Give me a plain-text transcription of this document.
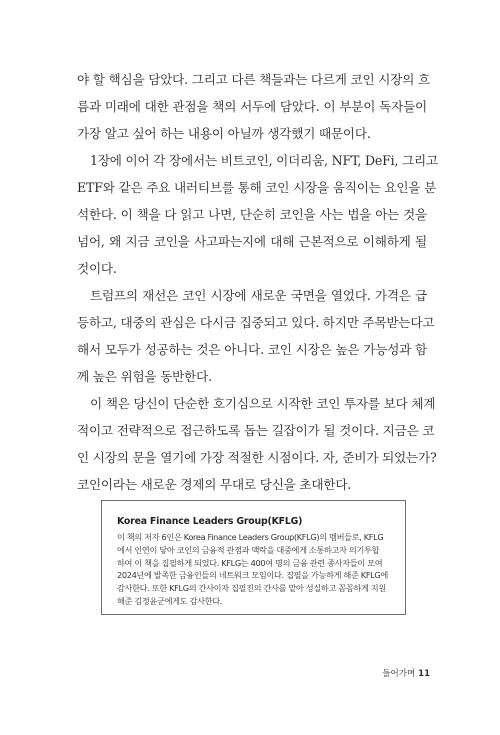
야 할 핵심을 담았다. 그리고 다른 책들과는 다르게 코인 시장의 흐
름과 미래에 대한 관점을 책의 서두에 담았다. 이 부분이 독자들이
가장 알고 싶어 하는 내용이 아닐까 생각했기 때문이다.

1장에 이어 각 장에서는 비트코인, 이더리움, NFT, DeFi, 그리고
ETF와 같은 주요 내러티브를 통해 코인 시장을 움직이는 요인을 분
석한다. 이 책을 다 읽고 나면, 단순히 코인을 사는 법을 아는 것을
넘어, 왜 지금 코인을 사고파는지에 대해 근본적으로 이해하게 될
것이다.

트럼프의 재선은 코인 시장에 새로운 국면을 열었다. 가격은 급
등하고, 대중의 관심은 다시금 집중되고 있다. 하지만 주목받는다고
해서 모두가 성공하는 것은 아니다. 코인 시장은 높은 가능성과 함
께 높은 위험을 동반한다.

이 책은 당신이 단순한 호기심으로 시작한 코인 투자를 보다 체계
적이고 전략적으로 접근하도록 돕는 길잡이가 될 것이다. 지금은 코
인 시장의 문을 열기에 가장 적절한 시점이다. 자, 준비가 되었는가?
코인이라는 새로운 경제의 무대로 당신을 초대한다.

Korea Finance Leaders Group(KFLG)

이 책의 저자 6인은 Korea Finance Leaders Group(KFLG)의 멤버들로, KFLG
에서 인연이 닿아 코인의 금융적 관점과 맥락을 대중에게 소통하고자 의기투합
하여 이 책을 집필하게 되었다. KFLG는 400여 명의 금융 관련 종사자들이 모여
2024년에 발족한 금융인들의 네트워크 모임이다. 집필을 가능하게 해준 KFLG에
감사한다. 또한 KFLG의 간사이자 집필진의 간사를 맡아 성실하고 꼼꼼하게 지원
해준 김정윤군에게도 감사한다.
들어가며 11
